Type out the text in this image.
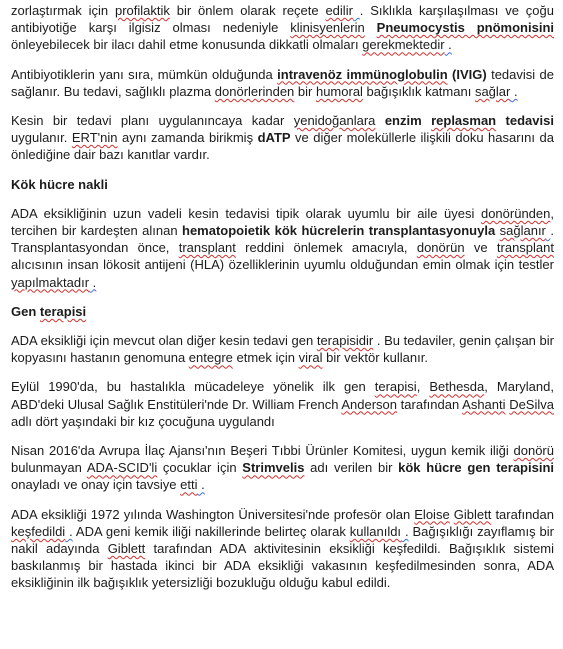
zorlaştırmak için profilaktik bir önlem olarak reçete edilir . Sıklıkla karşılaşılması ve çoğu antibiyotiğe karşı ilgisiz olması nedeniyle klinisyenlerin Pneumocystis pnömonisini önleyebilecek bir ilacı dahil etme konusunda dikkatli olmaları gerekmektedir .

Antibiyotiklerin yanı sıra, mümkün olduğunda intravenöz immünoglobulin (IVIG) tedavisi de sağlanır. Bu tedavi, sağlıklı plazma donörlerinden bir humoral bağışıklık katmanı sağlar .

Kesin bir tedavi planı uygulanıncaya kadar yenidoğanlara enzim replasman tedavisi uygulanır. ERT'nin aynı zamanda birikmiş dATP ve diğer moleküllerle ilişkili doku hasarını da önlediğine dair bazı kanıtlar vardır.

Kök hücre nakli

ADA eksikliğinin uzun vadeli kesin tedavisi tipik olarak uyumlu bir aile üyesi donöründen, tercihen bir kardeşten alınan hematopoietik kök hücrelerin transplantasyonuyla sağlanır . Transplantasyondan önce, transplant reddini önlemek amacıyla, donörün ve transplant alıcısının insan lökosit antijeni (HLA) özelliklerinin uyumlu olduğundan emin olmak için testler yapılmaktadır .

Gen terapisi

ADA eksikliği için mevcut olan diğer kesin tedavi gen terapisidir . Bu tedaviler, genin çalışan bir kopyasını hastanın genomuna entegre etmek için viral bir vektör kullanır.

Eylül 1990'da, bu hastalıkla mücadeleye yönelik ilk gen terapisi, Bethesda, Maryland, ABD'deki Ulusal Sağlık Enstitüleri'nde Dr. William French Anderson tarafından Ashanti DeSilva adlı dört yaşındaki bir kız çocuğuna uygulandı

Nisan 2016'da Avrupa İlaç Ajansı'nın Beşeri Tıbbi Ürünler Komitesi, uygun kemik iliği donörü bulunmayan ADA-SCID'li çocuklar için Strimvelis adı verilen bir kök hücre gen terapisini onayladı ve onay için tavsiye etti .

ADA eksikliği 1972 yılında Washington Üniversitesi'nde profesör olan Eloise Giblett tarafından keşfedildi . ADA geni kemik iliği nakillerinde belirteç olarak kullanıldı . Bağışıklığı zayıflamış bir nakil adayında Giblett tarafından ADA aktivitesinin eksikliği keşfedildi. Bağışıklık sistemi baskılanmış bir hastada ikinci bir ADA eksikliği vakasının keşfedilmesinden sonra, ADA eksikliğinin ilk bağışıklık yetersizliği bozukluğu olduğu kabul edildi.
